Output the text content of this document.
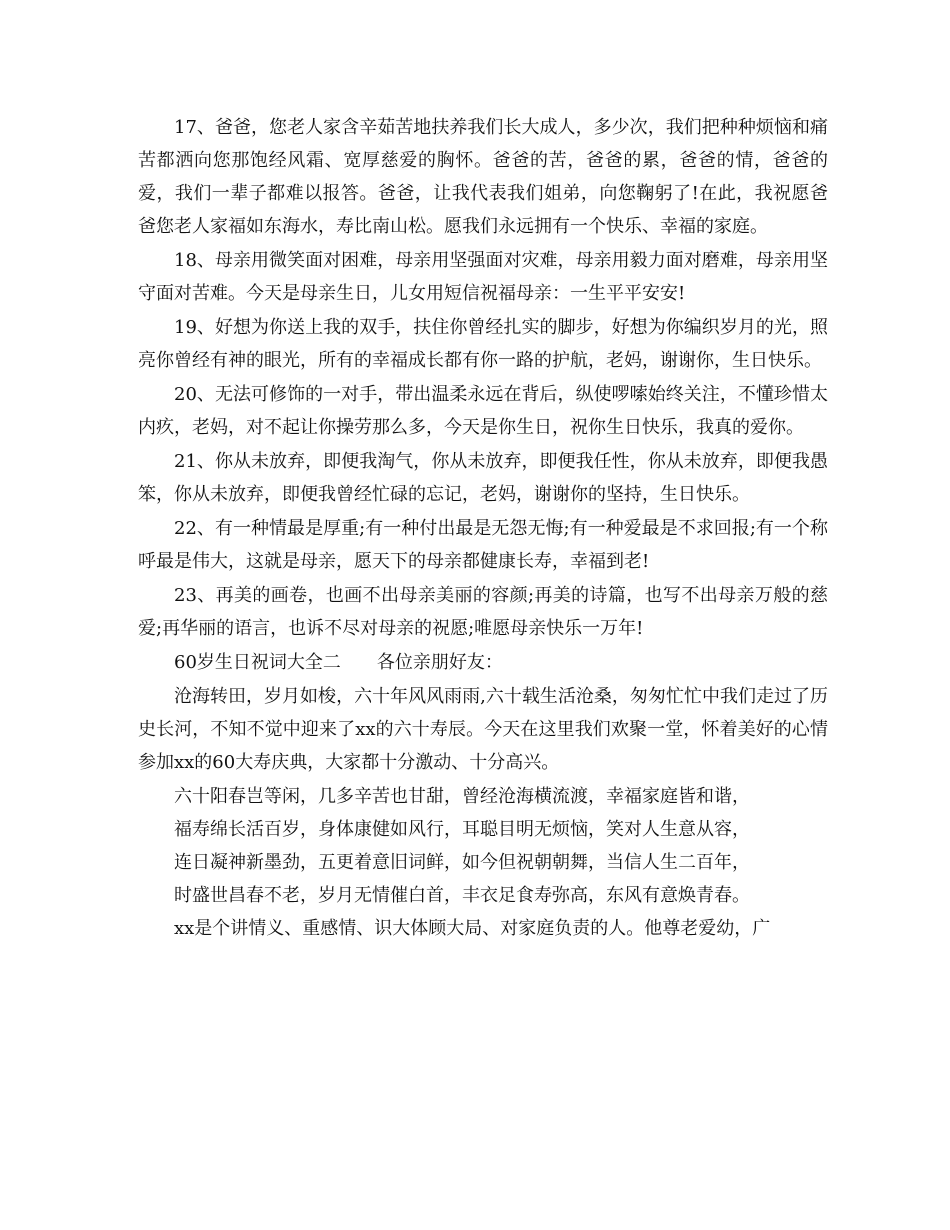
17、爸爸，您老人家含辛茹苦地扶养我们长大成人，多少次，我们把种种烦恼和痛苦都洒向您那饱经风霜、宽厚慈爱的胸怀。爸爸的苦，爸爸的累，爸爸的情，爸爸的爱，我们一辈子都难以报答。爸爸，让我代表我们姐弟，向您鞠躬了!在此，我祝愿爸爸您老人家福如东海水，寿比南山松。愿我们永远拥有一个快乐、幸福的家庭。

18、母亲用微笑面对困难，母亲用坚强面对灾难，母亲用毅力面对磨难，母亲用坚守面对苦难。今天是母亲生日，儿女用短信祝福母亲：一生平平安安!

19、好想为你送上我的双手，扶住你曾经扎实的脚步，好想为你编织岁月的光，照亮你曾经有神的眼光，所有的幸福成长都有你一路的护航，老妈，谢谢你，生日快乐。

20、无法可修饰的一对手，带出温柔永远在背后，纵使啰嗦始终关注，不懂珍惜太内疚，老妈，对不起让你操劳那么多，今天是你生日，祝你生日快乐，我真的爱你。

21、你从未放弃，即便我淘气，你从未放弃，即便我任性，你从未放弃，即便我愚笨，你从未放弃，即便我曾经忙碌的忘记，老妈，谢谢你的坚持，生日快乐。

22、有一种情最是厚重;有一种付出最是无怨无悔;有一种爱最是不求回报;有一个称呼最是伟大，这就是母亲，愿天下的母亲都健康长寿，幸福到老!

23、再美的画卷，也画不出母亲美丽的容颜;再美的诗篇，也写不出母亲万般的慈爱;再华丽的语言，也诉不尽对母亲的祝愿;唯愿母亲快乐一万年!

60岁生日祝词大全二　　各位亲朋好友：

沧海转田，岁月如梭，六十年风风雨雨,六十载生活沧桑，匆匆忙忙中我们走过了历史长河，不知不觉中迎来了xx的六十寿辰。今天在这里我们欢聚一堂，怀着美好的心情参加xx的60大寿庆典，大家都十分激动、十分高兴。

六十阳春岂等闲，几多辛苦也甘甜，曾经沧海横流渡，幸福家庭皆和谐，

福寿绵长活百岁，身体康健如风行，耳聪目明无烦恼，笑对人生意从容，

连日凝神新墨劲，五更着意旧词鲜，如今但祝朝朝舞，当信人生二百年，

时盛世昌春不老，岁月无情催白首，丰衣足食寿弥高，东风有意焕青春。

xx是个讲情义、重感情、识大体顾大局、对家庭负责的人。他尊老爱幼，广
